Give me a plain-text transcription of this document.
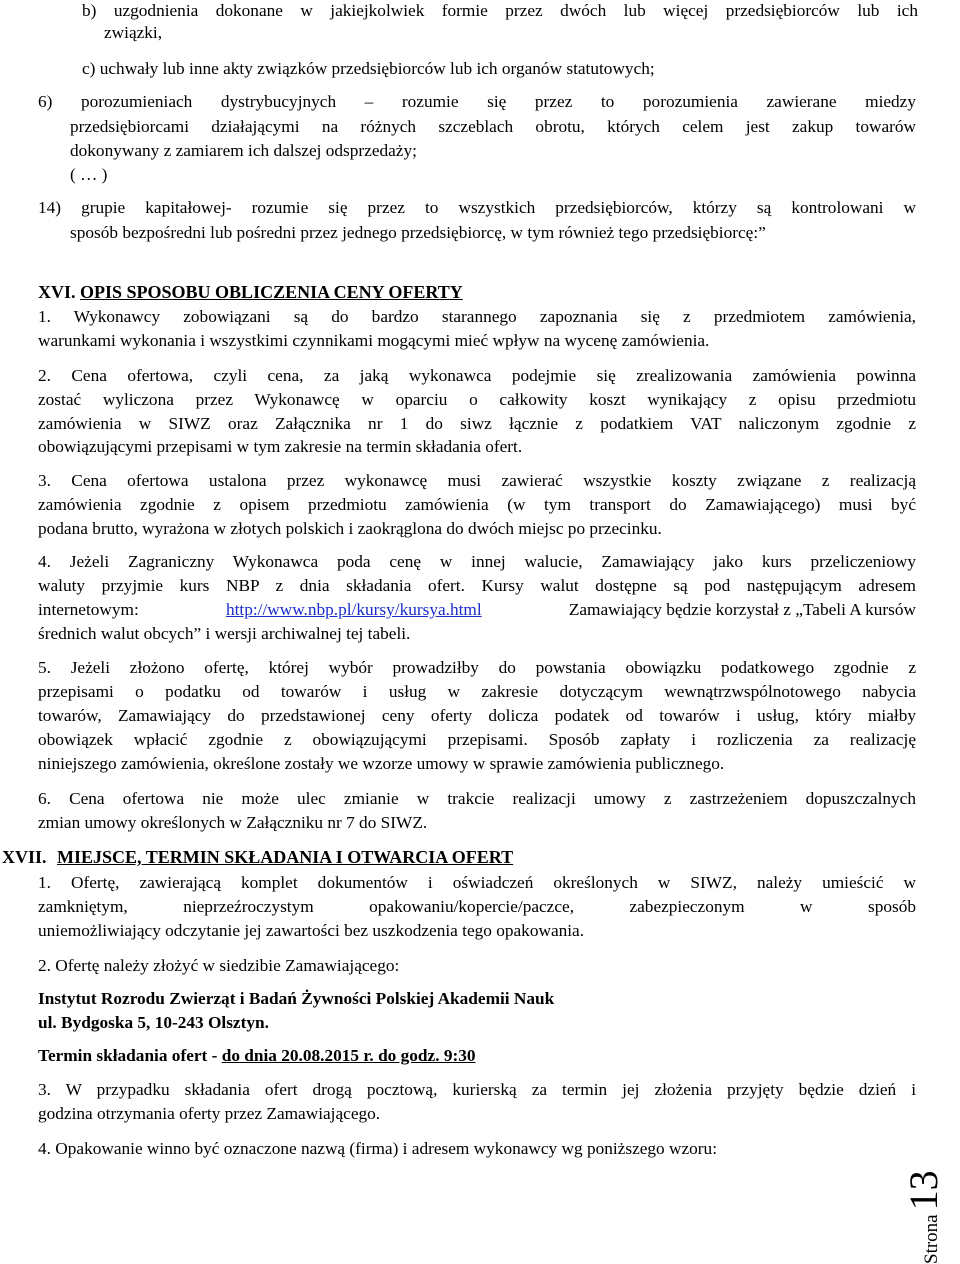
b) uzgodnienia dokonane w jakiejkolwiek formie przez dwóch lub więcej przedsiębiorców lub ich
związki,
c) uchwały lub inne akty związków przedsiębiorców lub ich organów statutowych;
6) porozumieniach dystrybucyjnych – rozumie się przez to porozumienia zawierane miedzy
przedsiębiorcami działającymi na różnych szczeblach obrotu, których celem jest zakup towarów
dokonywany z zamiarem ich dalszej odsprzedaży;
( … )
14) grupie kapitałowej- rozumie się przez to wszystkich przedsiębiorców, którzy są kontrolowani w
sposób bezpośredni lub pośredni przez jednego przedsiębiorcę, w tym również tego przedsiębiorcę:”
XVI. OPIS SPOSOBU OBLICZENIA CENY OFERTY
1. Wykonawcy zobowiązani są do bardzo starannego zapoznania się z przedmiotem zamówienia,
warunkami wykonania i wszystkimi czynnikami mogącymi mieć wpływ na wycenę zamówienia.
2. Cena ofertowa, czyli cena, za jaką wykonawca podejmie się zrealizowania zamówienia powinna
zostać wyliczona przez Wykonawcę w oparciu o całkowity koszt wynikający z opisu przedmiotu
zamówienia w SIWZ oraz Załącznika nr 1 do siwz łącznie z podatkiem VAT naliczonym zgodnie z
obowiązującymi przepisami w tym zakresie na termin składania ofert.
3. Cena ofertowa ustalona przez wykonawcę musi zawierać wszystkie koszty związane z realizacją
zamówienia zgodnie z opisem przedmiotu zamówienia (w tym transport do Zamawiającego) musi być
podana brutto, wyrażona w złotych polskich i zaokrąglona do dwóch miejsc po przecinku.
4. Jeżeli Zagraniczny Wykonawca poda cenę w innej walucie, Zamawiający jako kurs przeliczeniowy
waluty przyjmie kurs NBP z dnia składania ofert. Kursy walut dostępne są pod następującym adresem
internetowym:	http://www.nbp.pl/kursy/kursya.html	Zamawiający będzie korzystał z „Tabeli A kursów
średnich walut obcych” i wersji archiwalnej tej tabeli.
5. Jeżeli złożono ofertę, której wybór prowadziłby do powstania obowiązku podatkowego zgodnie z
przepisami o podatku od towarów i usług w zakresie dotyczącym wewnątrzwspólnotowego nabycia
towarów, Zamawiający do przedstawionej ceny oferty dolicza podatek od towarów i usług, który miałby
obowiązek wpłacić zgodnie z obowiązującymi przepisami. Sposób zapłaty i rozliczenia za realizację
niniejszego zamówienia, określone zostały we wzorze umowy w sprawie zamówienia publicznego.
6. Cena ofertowa nie może ulec zmianie w trakcie realizacji umowy z zastrzeżeniem dopuszczalnych
zmian umowy określonych w Załączniku nr 7 do SIWZ.
XVII. MIEJSCE, TERMIN SKŁADANIA I OTWARCIA OFERT
1. Ofertę, zawierającą komplet dokumentów i oświadczeń określonych w SIWZ, należy umieścić w
zamkniętym, nieprzeźroczystym opakowaniu/kopercie/paczce, zabezpieczonym w sposób
uniemożliwiający odczytanie jej zawartości bez uszkodzenia tego opakowania.
2. Ofertę należy złożyć w siedzibie Zamawiającego:
Instytut Rozrodu Zwierząt i Badań Żywności Polskiej Akademii Nauk
ul. Bydgoska 5, 10-243 Olsztyn.
Termin składania ofert - do dnia 20.08.2015 r. do godz. 9:30
3. W przypadku składania ofert drogą pocztową, kurierską za termin jej złożenia przyjęty będzie dzień i
godzina otrzymania oferty przez Zamawiającego.
4. Opakowanie winno być oznaczone nazwą (firma) i adresem wykonawcy wg poniższego wzoru:
Strona 13
